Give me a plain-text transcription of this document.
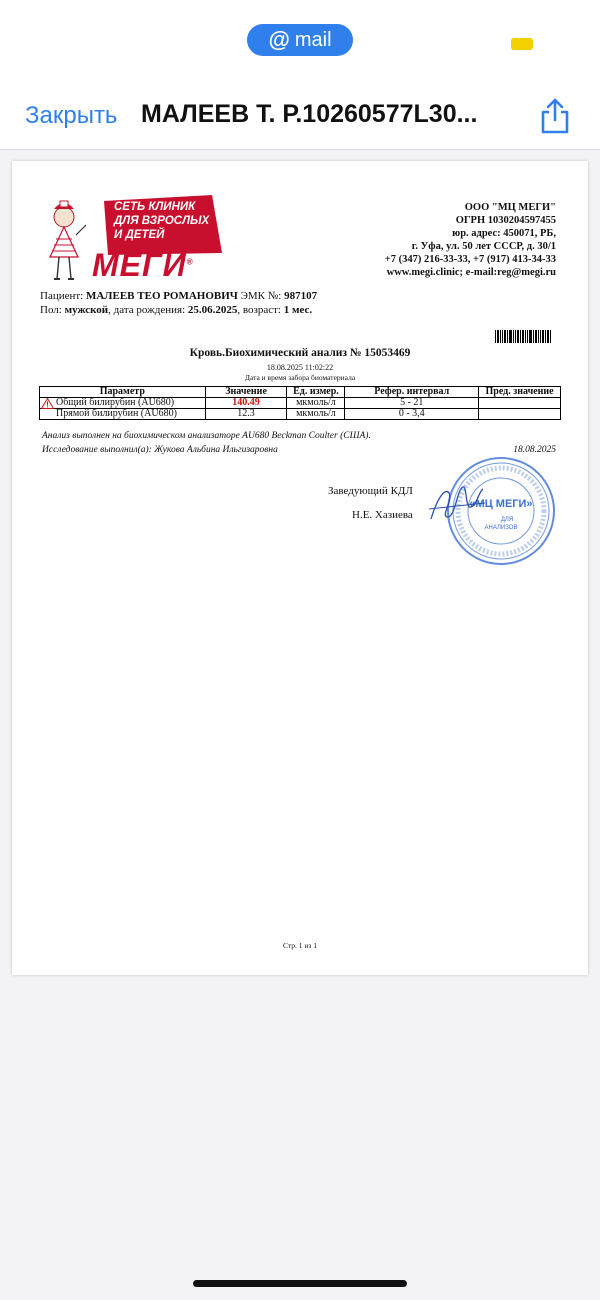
@ mail
Закрыть МАЛЕЕВ Т. Р.10260577L30...
СЕТЬ КЛИНИК
ДЛЯ ВЗРОСЛЫХ
И ДЕТЕЙ
МЕГИ®
ООО "МЦ МЕГИ"
ОГРН 1030204597455
юр. адрес: 450071, РБ,
г. Уфа, ул. 50 лет СССР, д. 30/1
+7 (347) 216-33-33, +7 (917) 413-34-33
www.megi.clinic; e-mail:reg@megi.ru
Пациент: МАЛЕЕВ ТЕО РОМАНОВИЧ ЭМК №: 987107
Пол: мужской, дата рождения: 25.06.2025, возраст: 1 мес.
Кровь.Биохимический анализ № 15053469
18.08.2025 11:02:22
Дата и время забора биоматериала
Параметр	Значение	Ед. измер.	Рефер. интервал	Пред. значение

Общий билирубин (AU680)	140.49	мкмоль/л	5 - 21	
Прямой билирубин (AU680)	12.3	мкмоль/л	0 - 3,4	
Анализ выполнен на биохимическом анализаторе AU680 Beckman Coulter (США).
Исследование выполнил(а): Жукова Альбина Ильгизаровна	18.08.2025
«МЦ МЕГИ»
ДЛЯ
АНАЛИЗОВ
Заведующий КДЛ
Н.Е. Хазиева
Стр. 1 из 1
